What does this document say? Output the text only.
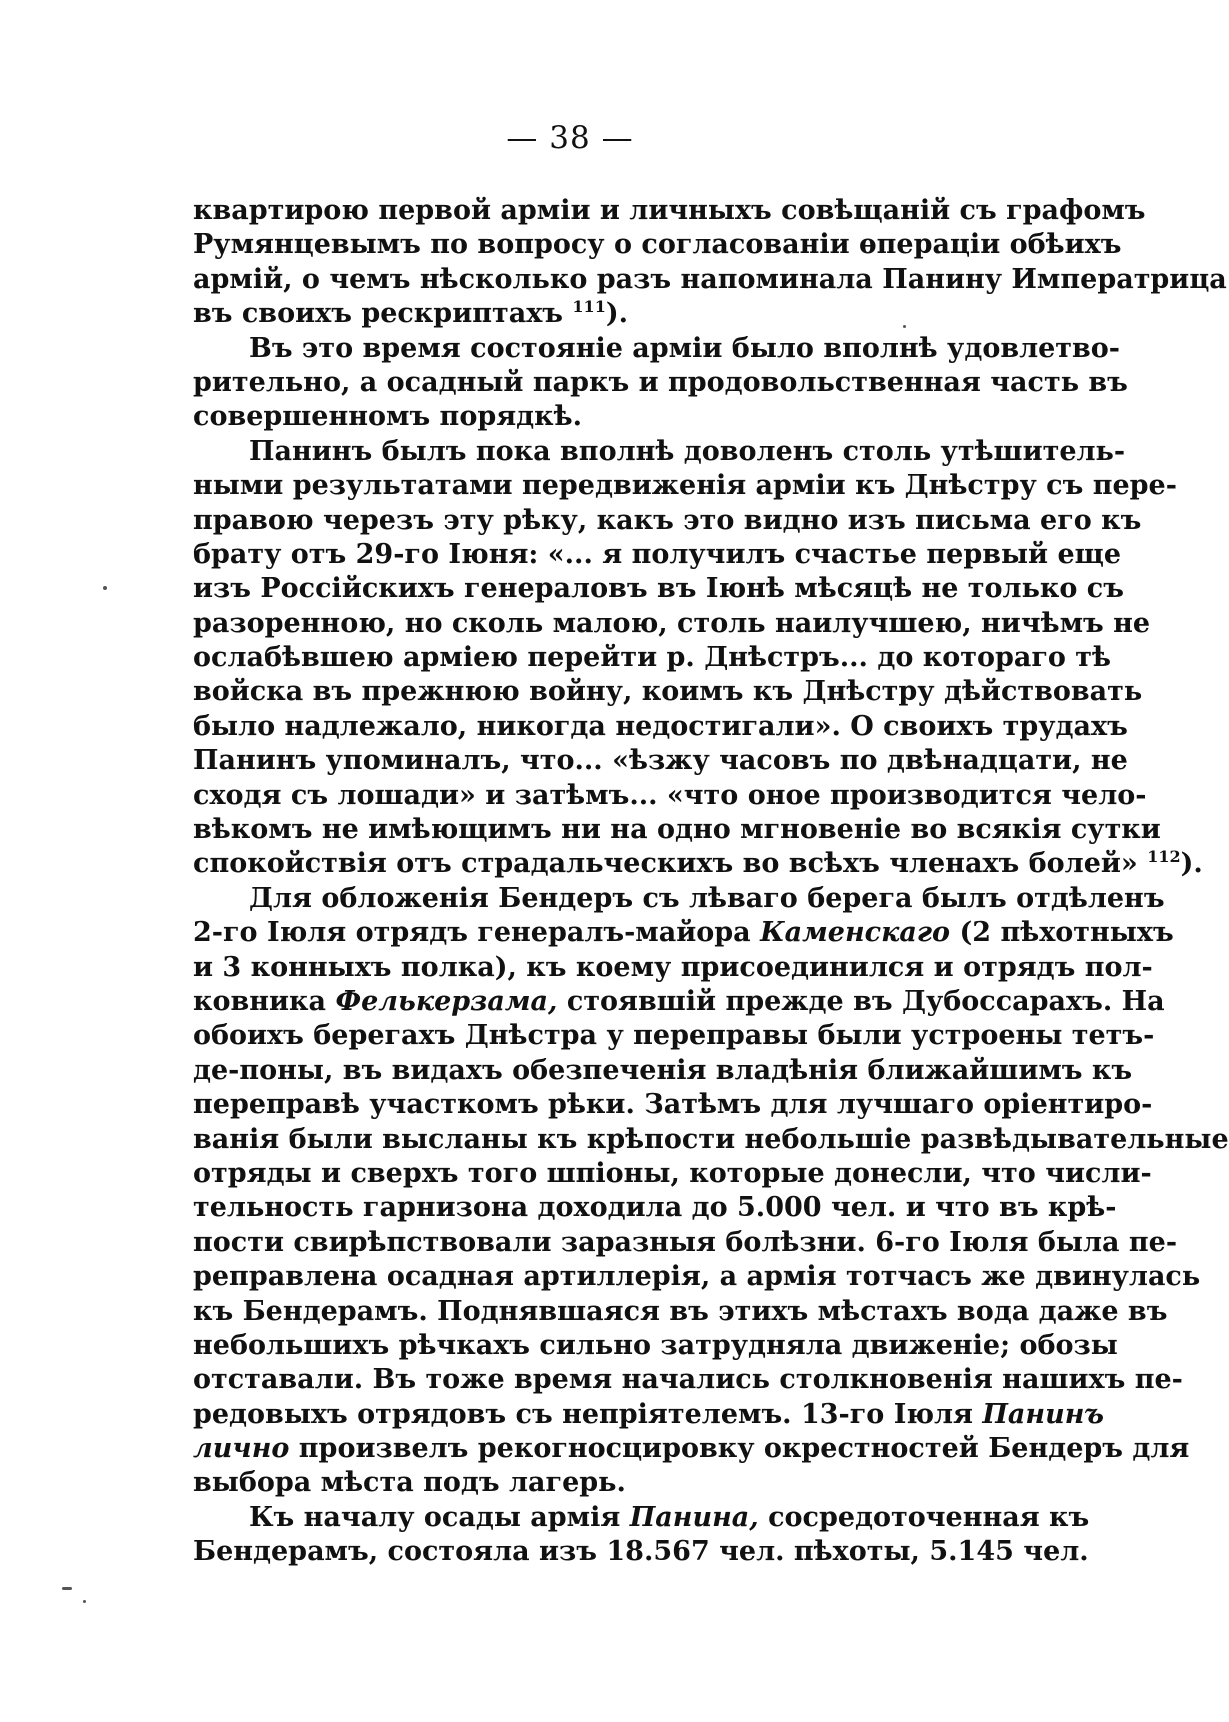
— 38 —
квартирою первой арміи и личныхъ совѣщаній съ графомъ
Румянцевымъ по вопросу о согласованіи ѳпераціи обѣихъ
армій, о чемъ нѣсколько разъ напоминала Панину Императрица
въ своихъ рескриптахъ $^{111}$).
Въ это время состояніе арміи было вполнѣ удовлетво-
рительно, а осадный паркъ и продовольственная часть въ
совершенномъ порядкѣ.
Панинъ былъ пока вполнѣ доволенъ столь утѣшитель-
ными результатами передвиженія арміи къ Днѣстру съ пере-
правою черезъ эту рѣку, какъ это видно изъ письма его къ
брату отъ 29-го Іюня: «... я получилъ счастье первый еще
изъ Россійскихъ генераловъ въ Іюнѣ мѣсяцѣ не только съ
разоренною, но сколь малою, столь наилучшею, ничѣмъ не
ослабѣвшею арміею перейти р. Днѣстръ... до котораго тѣ
войска въ прежнюю войну, коимъ къ Днѣстру дѣйствовать
было надлежало, никогда недостигали». О своихъ трудахъ
Панинъ упоминалъ, что... «ѣзжу часовъ по двѣнадцати, не
сходя съ лошади» и затѣмъ... «что оное производится чело-
вѣкомъ не имѣющимъ ни на одно мгновеніе во всякія сутки
спокойствія отъ страдальческихъ во всѣхъ членахъ болей» $^{112}$).
Для обложенія Бендеръ съ лѣваго берега былъ отдѣленъ
2-го Іюля отрядъ генералъ-майора Каменскаго (2 пѣхотныхъ
и 3 конныхъ полка), къ коему присоединился и отрядъ пол-
ковника Фелькерзама, стоявшій прежде въ Дубоссарахъ. На
обоихъ берегахъ Днѣстра у переправы были устроены тетъ-
де-поны, въ видахъ обезпеченія владѣнія ближайшимъ къ
переправѣ участкомъ рѣки. Затѣмъ для лучшаго оріентиро-
ванія были высланы къ крѣпости небольшіе развѣдывательные
отряды и сверхъ того шпіоны, которые донесли, что числи-
тельность гарнизона доходила до 5.000 чел. и что въ крѣ-
пости свирѣпствовали заразныя болѣзни. 6-го Іюля была пе-
реправлена осадная артиллерія, а армія тотчасъ же двинулась
къ Бендерамъ. Поднявшаяся въ этихъ мѣстахъ вода даже въ
небольшихъ рѣчкахъ сильно затрудняла движеніе; обозы
отставали. Въ тоже время начались столкновенія нашихъ пе-
редовыхъ отрядовъ съ непріятелемъ. 13-го Іюля Панинъ
лично произвелъ рекогносцировку окрестностей Бендеръ для
выбора мѣста подъ лагерь.
Къ началу осады армія Панина, сосредоточенная къ
Бендерамъ, состояла изъ 18.567 чел. пѣхоты, 5.145 чел.
